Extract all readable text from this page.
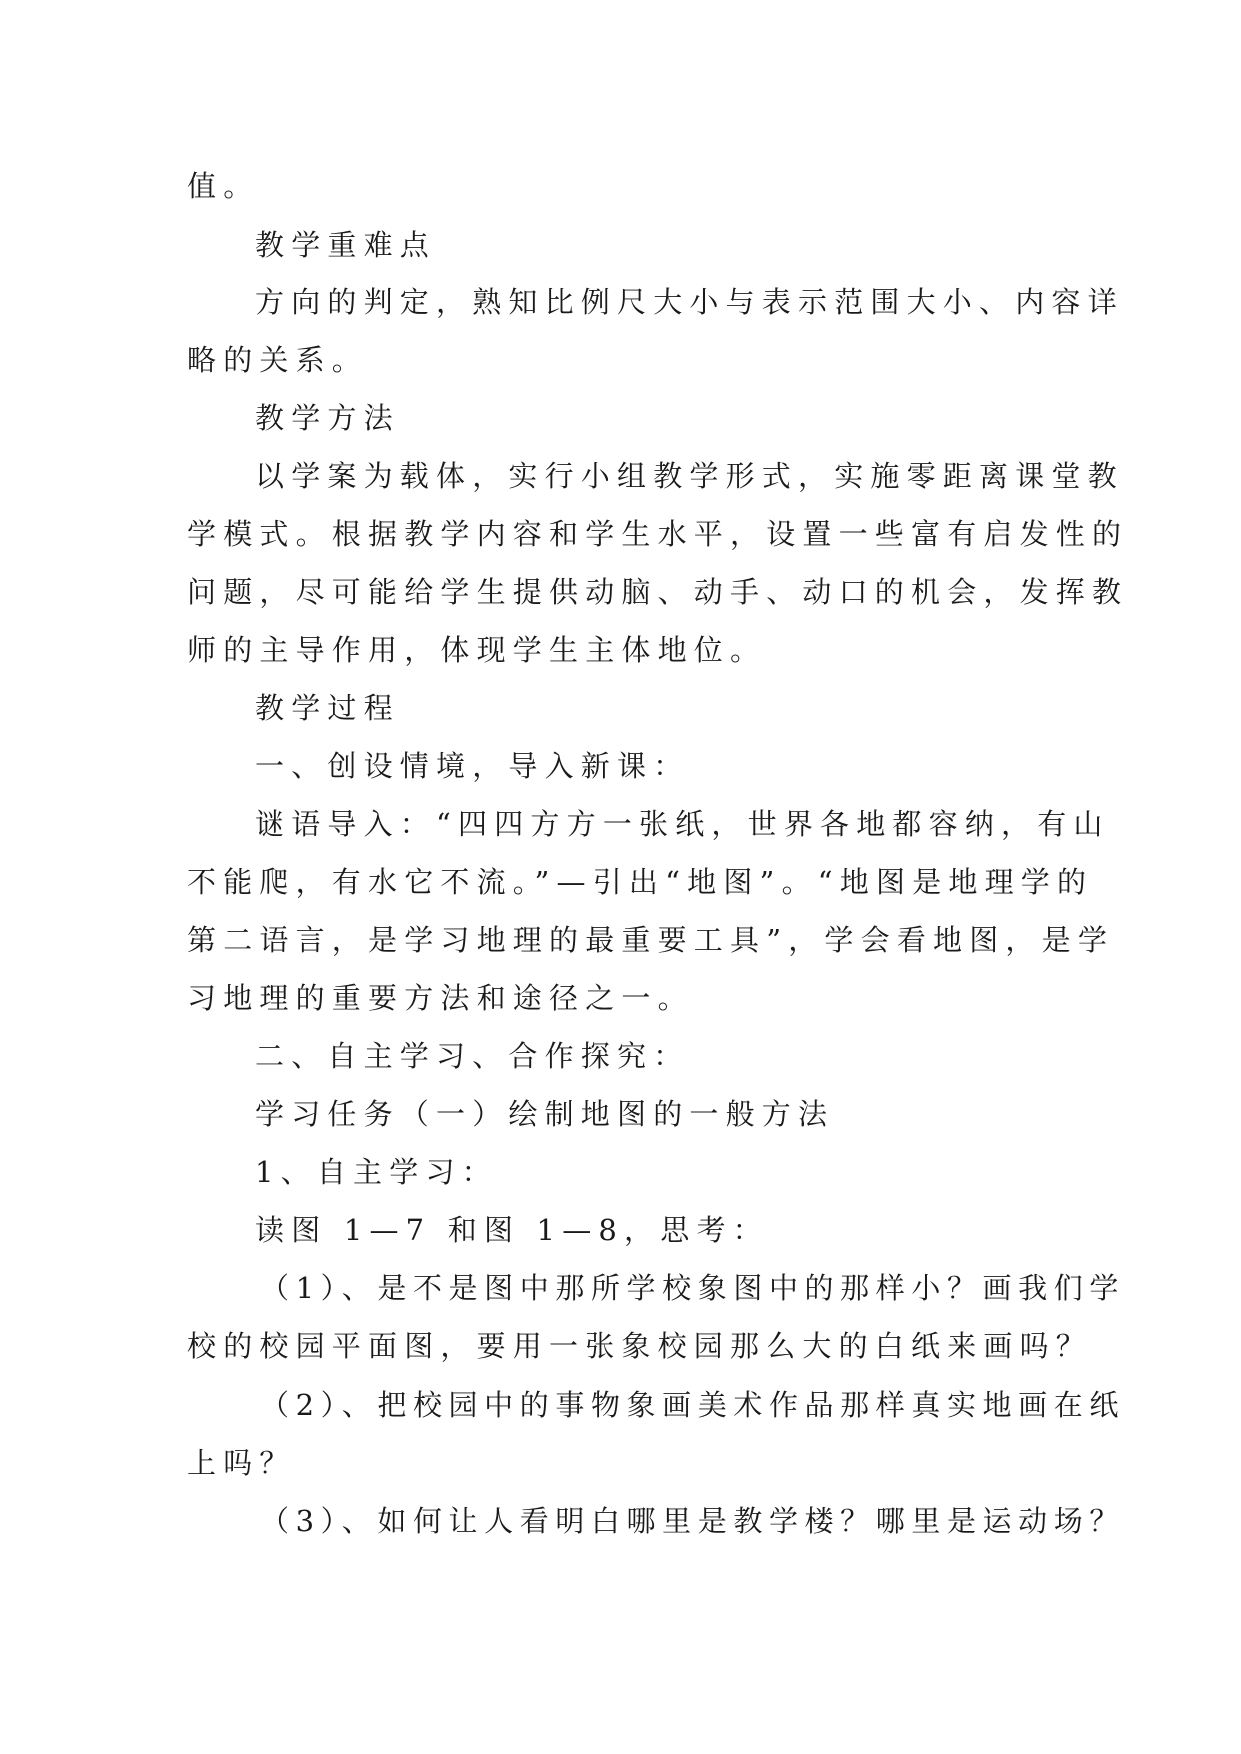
值。
教学重难点
方向的判定，熟知比例尺大小与表示范围大小、内容详
略的关系。
教学方法
以学案为载体，实行小组教学形式，实施零距离课堂教
学模式。根据教学内容和学生水平，设置一些富有启发性的
问题，尽可能给学生提供动脑、动手、动口的机会，发挥教
师的主导作用，体现学生主体地位。
教学过程
一、创设情境，导入新课：
谜语导入：“四四方方一张纸，世界各地都容纳，有山
不能爬，有水它不流。”—引出“地图”。“地图是地理学的
第二语言，是学习地理的最重要工具”，学会看地图，是学
习地理的重要方法和途径之一。
二、自主学习、合作探究：
学习任务（一）绘制地图的一般方法
1、自主学习：
读图 1—7 和图 1—8，思考：
（1）、是不是图中那所学校象图中的那样小？画我们学
校的校园平面图，要用一张象校园那么大的白纸来画吗？
（2）、把校园中的事物象画美术作品那样真实地画在纸
上吗？
（3）、如何让人看明白哪里是教学楼？哪里是运动场？
